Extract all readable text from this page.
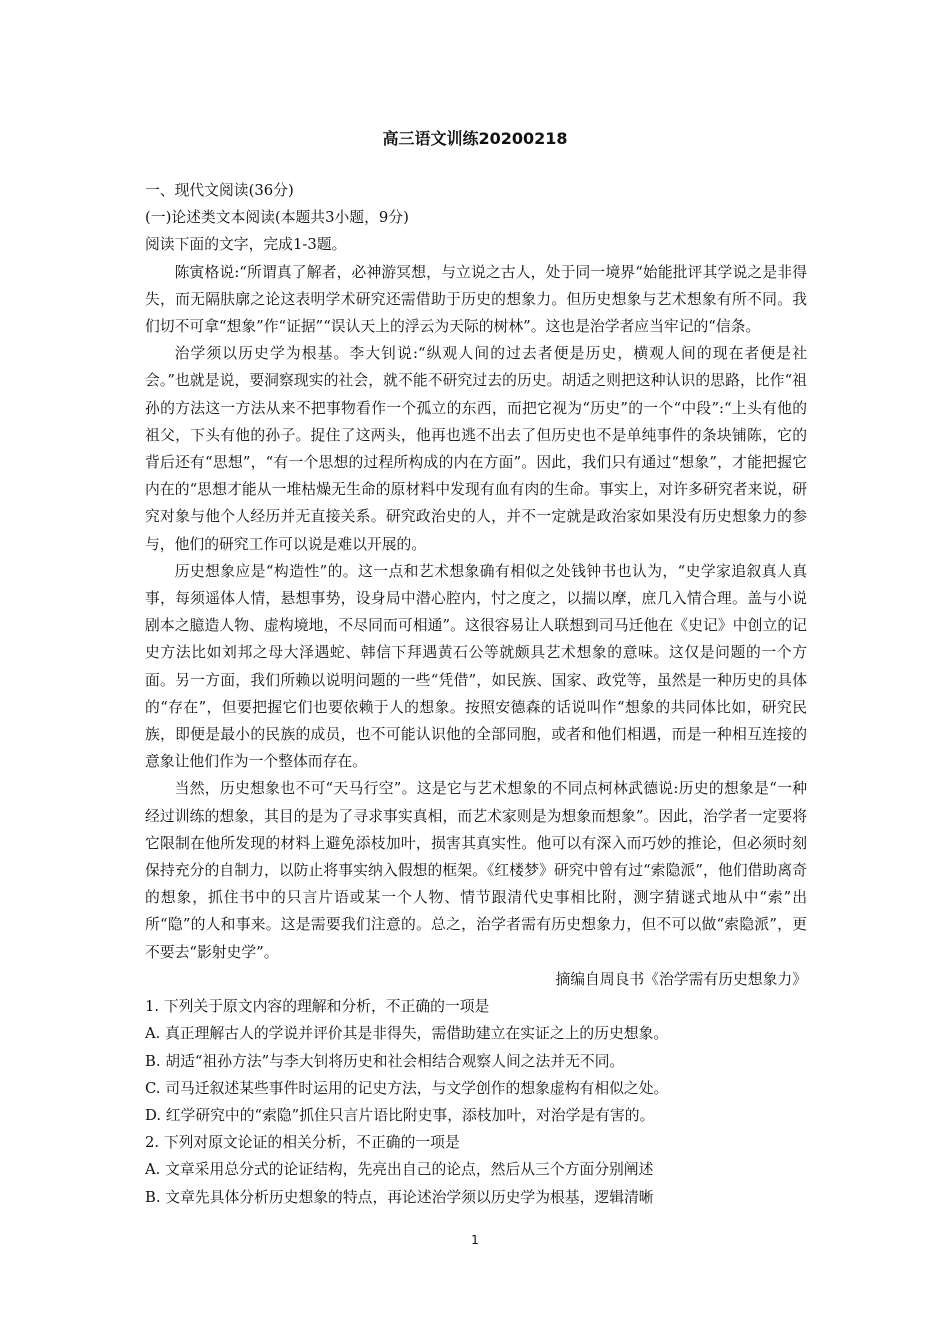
高三语文训练20200218

一、现代文阅读(36分)

(一)论述类文本阅读(本题共3小题，9分)

阅读下面的文字，完成1-3题。

陈寅格说:“所谓真了解者，必神游冥想，与立说之古人，处于同一境界“始能批评其学说之是非得失，而无隔肤廓之论这表明学术研究还需借助于历史的想象力。但历史想象与艺术想象有所不同。我们切不可拿“想象”作“证据”“误认天上的浮云为天际的树林”。这也是治学者应当牢记的“信条。

治学须以历史学为根基。李大钊说:“纵观人间的过去者便是历史，横观人间的现在者便是社会。”也就是说，要洞察现实的社会，就不能不研究过去的历史。胡适之则把这种认识的思路，比作“祖孙的方法这一方法从来不把事物看作一个孤立的东西，而把它视为“历史”的一个“中段”:“上头有他的祖父，下头有他的孙子。捉住了这两头，他再也逃不出去了但历史也不是单纯事件的条块铺陈，它的背后还有“思想”，“有一个思想的过程所构成的内在方面”。因此，我们只有通过“想象”，才能把握它内在的“思想才能从一堆枯燥无生命的原材料中发现有血有肉的生命。事实上，对许多研究者来说，研究对象与他个人经历并无直接关系。研究政治史的人，并不一定就是政治家如果没有历史想象力的参与，他们的研究工作可以说是难以开展的。

历史想象应是“构造性”的。这一点和艺术想象确有相似之处钱钟书也认为，“史学家追叙真人真事，每须遥体人情，悬想事势，设身局中潜心腔内，忖之度之，以揣以摩，庶几入情合理。盖与小说剧本之臆造人物、虚构境地，不尽同而可相通”。这很容易让人联想到司马迁他在《史记》中创立的记史方法比如刘邦之母大泽遇蛇、韩信下拜遇黄石公等就颇具艺术想象的意味。这仅是问题的一个方面。另一方面，我们所赖以说明问题的一些“凭借”，如民族、国家、政党等，虽然是一种历史的具体的“存在”，但要把握它们也要依赖于人的想象。按照安德森的话说叫作“想象的共同体比如，研究民族，即便是最小的民族的成员，也不可能认识他的全部同胞，或者和他们相遇，而是一种相互连接的意象让他们作为一个整体而存在。

当然，历史想象也不可“天马行空”。这是它与艺术想象的不同点柯林武德说:历史的想象是“一种经过训练的想象，其目的是为了寻求事实真相，而艺术家则是为想象而想象”。因此，治学者一定要将它限制在他所发现的材料上避免添枝加叶，损害其真实性。他可以有深入而巧妙的推论，但必须时刻保持充分的自制力，以防止将事实纳入假想的框架。《红楼梦》研究中曾有过“索隐派”，他们借助离奇的想象，抓住书中的只言片语或某一个人物、情节跟清代史事相比附，测字猜谜式地从中“索”出所“隐”的人和事来。这是需要我们注意的。总之，治学者需有历史想象力，但不可以做“索隐派”，更不要去“影射史学”。

摘编自周良书《治学需有历史想象力》

1. 下列关于原文内容的理解和分析，不正确的一项是

A. 真正理解古人的学说并评价其是非得失，需借助建立在实证之上的历史想象。

B. 胡适“祖孙方法”与李大钊将历史和社会相结合观察人间之法并无不同。

C. 司马迁叙述某些事件时运用的记史方法，与文学创作的想象虚构有相似之处。

D. 红学研究中的“索隐”抓住只言片语比附史事，添枝加叶，对治学是有害的。

2. 下列对原文论证的相关分析，不正确的一项是

A. 文章采用总分式的论证结构，先亮出自己的论点，然后从三个方面分别阐述

B. 文章先具体分析历史想象的特点，再论述治学须以历史学为根基，逻辑清晰

1
